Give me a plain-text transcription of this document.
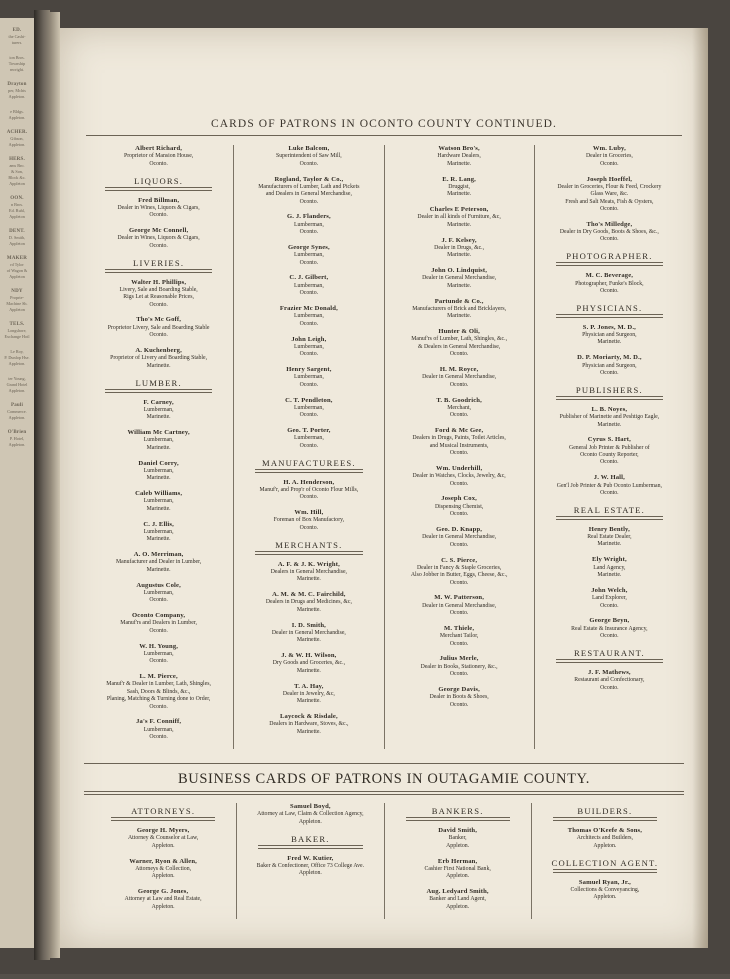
ED.
the Cashi-
turers.
ion Bros.
Township
nwright.
Drayton
per, Mchts
Appleton.
e Bldgs.
Appleton.
ACHER.
Gibson,
Appleton.
HERS.
ams Bro.
& Son,
Block &c.
Appleton
OON.
n Bros.
Ed. Ruhl,
Appleton
DENT.
D. Smith,
Appleton
MAKER
rd Tylor
of Wagon &
Appleton
NDY
Proprie-
Machine Sh.
Appleton
TELS.
Longshore,
Exchange Hotl
Le Roy,
P. Dunlop Hse.
Appleton.
ter Young,
Grand Hotel
Appleton.
Pauli
Commerce.
Appleton.
O'Brien
P. Hotel,
Appleton.
CARDS OF PATRONS IN OCONTO COUNTY CONTINUED.
Albert Richard,
Proprietor of Mansion House,
Oconto.
LIQUORS.
Fred Billman,
Dealer in Wines, Liquors & Cigars,
Oconto.
George Mc Connell,
Dealer in Wines, Liquors & Cigars,
Oconto.
LIVERIES.
Walter H. Phillips,
Livery, Sale and Boarding Stable,
Rigs Let at Reasonable Prices,
Oconto.
Tho's Mc Goff,
Proprietor Livery, Sale and Boarding Stable
Oconto.
A. Kuchenberg,
Proprietor of Livery and Boarding Stable,
Marinette.
LUMBER.
F. Carney,
Lumberman,
Marinette.
William Mc Cartney,
Lumberman,
Marinette.
Daniel Corry,
Lumberman,
Marinette.
Caleb Williams,
Lumberman,
Marinette.
C. J. Ellis,
Lumberman,
Marinette.
A. O. Merriman,
Manufacturer and Dealer in Lumber,
Marinette.
Augustus Cole,
Lumberman,
Oconto.
Oconto Company,
Manuf'rs and Dealers in Lumber,
Oconto.
W. H. Young,
Lumberman,
Oconto.
L. M. Pierce,
Manuf'r & Dealer in Lumber, Lath, Shingles,
Sash, Doors & Blinds, &c.,
Planing, Matching & Turning done to Order,
Oconto.
Ja's F. Conniff,
Lumberman,
Oconto.
Luke Balcom,
Superintendent of Saw Mill,
Oconto.
Rogland, Taylor & Co.,
Manufacturers of Lumber, Lath and Pickets
and Dealers in General Merchandise,
Oconto.
G. J. Flanders,
Lumberman,
Oconto.
George Synes,
Lumberman,
Oconto.
C. J. Gilbert,
Lumberman,
Oconto.
Frazier Mc Donald,
Lumberman,
Oconto.
John Leigh,
Lumberman,
Oconto.
Henry Sargent,
Lumberman,
Oconto.
C. T. Pendleton,
Lumberman,
Oconto.
Geo. T. Porter,
Lumberman,
Oconto.
MANUFACTUREES.
H. A. Henderson,
Manuf'r, and Prop'r of Oconto Flour Mills,
Oconto.
Wm. Hill,
Foreman of Box Manufactory,
Oconto.
MERCHANTS.
A. F. & J. K. Wright,
Dealers in General Merchandise,
Marinette.
A. M. & M. C. Fairchild,
Dealers in Drugs and Medicines, &c,
Marinette.
I. D. Smith,
Dealer in General Merchandise,
Marinette.
J. & W. H. Wilson,
Dry Goods and Groceries, &c.,
Marinette.
T. A. Hay,
Dealer in Jewelry, &c,
Marinette.
Laycock & Risdale,
Dealers in Hardware, Stoves, &c.,
Marinette.
Watson Bro's,
Hardware Dealers,
Marinette.
E. R. Lang,
Druggist,
Marinette.
Charles E Peterson,
Dealer in all kinds of Furniture, &c,
Marinette.
J. F. Kelsey,
Dealer in Drugs, &c.,
Marinette.
John O. Lindquist,
Dealer in General Merchandise,
Marinette.
Partunde & Co.,
Manufacturers of Brick and Bricklayers,
Marinette.
Hunter & Oli,
Manuf'rs of Lumber, Lath, Shingles, &c.,
& Dealers in General Merchandise,
Oconto.
H. M. Royce,
Dealer in General Merchandise,
Oconto.
T. B. Goodrich,
Merchant,
Oconto.
Ford & Mc Gee,
Dealers in Drugs, Paints, Toilet Articles,
and Musical Instruments,
Oconto.
Wm. Underhill,
Dealer in Watches, Clocks, Jewelry, &c,
Oconto.
Joseph Cox,
Dispensing Chemist,
Oconto.
Geo. D. Knapp,
Dealer in General Merchandise,
Oconto.
C. S. Pierce,
Dealer in Fancy & Staple Groceries,
Also Jobber in Butter, Eggs, Cheese, &c.,
Oconto.
M. W. Patterson,
Dealer in General Merchandise,
Oconto.
M. Thiele,
Merchant Tailor,
Oconto.
Julius Merle,
Dealer in Books, Stationery, &c.,
Oconto.
George Davis,
Dealer in Boots & Shoes,
Oconto.
Wm. Luby,
Dealer in Groceries,
Oconto.
Joseph Hoeffel,
Dealer in Groceries, Flour & Feed, Crockery
Glass Ware, &c.
Fresh and Salt Meats, Fish & Oysters,
Oconto.
Tho's Milledge,
Dealer in Dry Goods, Boots & Shoes, &c.,
Oconto.
PHOTOGRAPHER.
M. C. Beverage,
Photographer, Funke's Block,
Oconto.
PHYSICIANS.
S. P. Jones, M. D.,
Physician and Surgeon,
Marinette.
D. P. Moriarty, M. D.,
Physician and Surgeon,
Oconto.
PUBLISHERS.
L. B. Noyes,
Publisher of Marinette and Peshtigo Eagle,
Marinette.
Cyrus S. Hart,
General Job Printer & Publisher of
Oconto County Reporter,
Oconto.
J. W. Hall,
Gen'l Job Printer & Pub Oconto Lumberman,
Oconto.
REAL ESTATE.
Henry Bently,
Real Estate Dealer,
Marinette.
Ely Wright,
Land Agency,
Marinette.
John Welch,
Land Explorer,
Oconto.
George Beyn,
Real Estate & Insurance Agency,
Oconto.
RESTAURANT.
J. F. Mathews,
Restaurant and Confectionary,
Oconto.
BUSINESS CARDS OF PATRONS IN OUTAGAMIE COUNTY.
ATTORNEYS.
George H. Myers,
Attorney & Counselor at Law,
Appleton.
Warner, Ryon & Allen,
Attorneys & Collection,
Appleton.
George G. Jones,
Attorney at Law and Real Estate,
Appleton.
Samuel Boyd,
Attorney at Law, Claim & Collection Agency,
Appleton.
BAKER.
Fred W. Kutier,
Baker & Confectioner, Office 73 College Ave.
Appleton.
BANKERS.
David Smith,
Banker,
Appleton.
Erb Herman,
Cashier First National Bank,
Appleton.
Aug. Ledyard Smith,
Banker and Land Agent,
Appleton.
BUILDERS.
Thomas O'Keefe & Sons,
Architects and Builders,
Appleton.
COLLECTION AGENT.
Samuel Ryan, Jr.,
Collections & Conveyancing,
Appleton.
